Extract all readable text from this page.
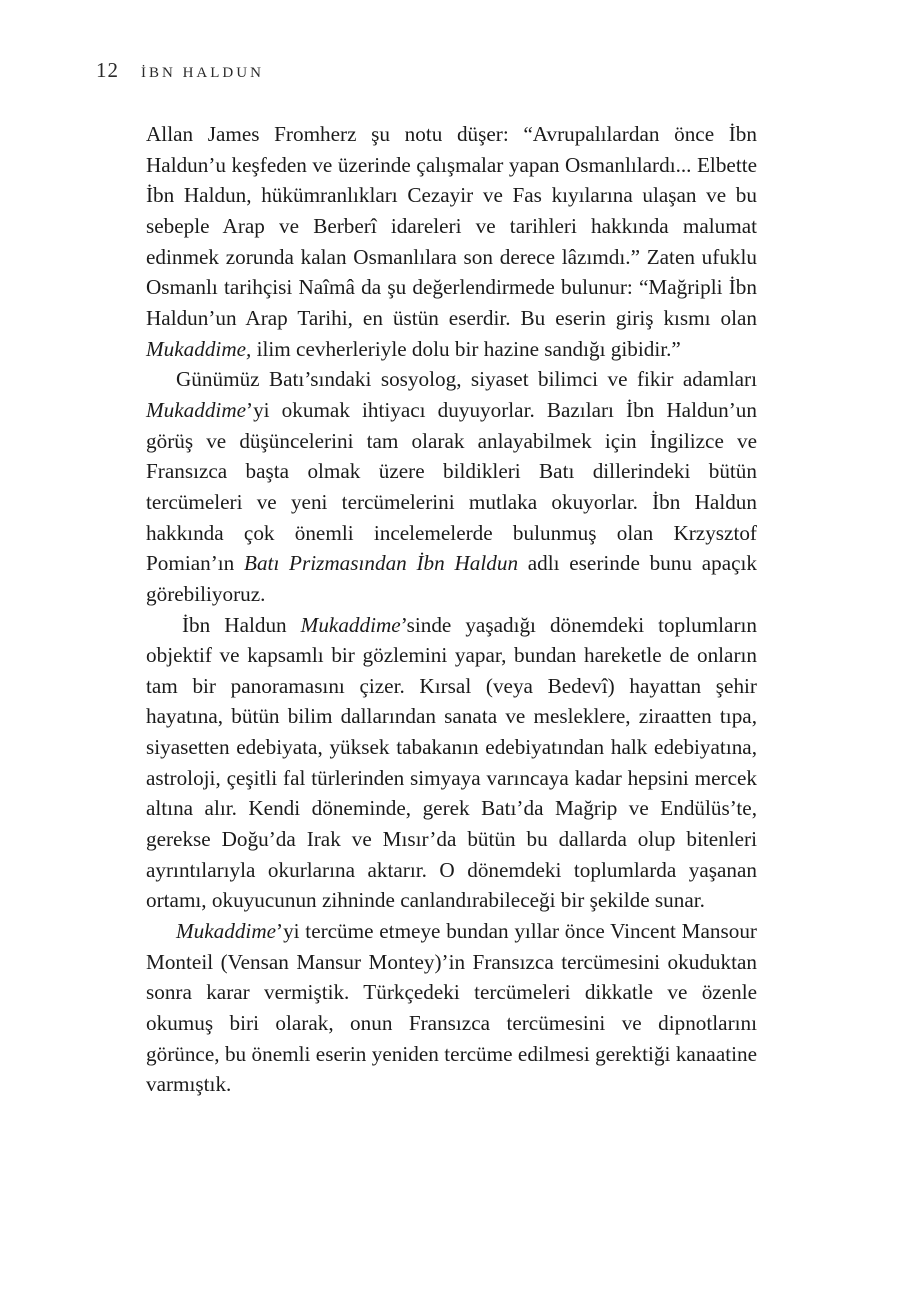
12 İBN HALDUN

Allan James Fromherz şu notu düşer: “Avrupalılardan önce İbn Haldun’u keşfeden ve üzerinde çalışmalar yapan Osmanlılardı... Elbette İbn Haldun, hükümranlıkları Cezayir ve Fas kıyılarına ulaşan ve bu sebeple Arap ve Berberî idareleri ve tarihleri hakkında malumat edinmek zorunda kalan Osmanlılara son derece lâzımdı.” Zaten ufuklu Osmanlı tarihçisi Naîmâ da şu değerlendirmede bulunur: “Mağripli İbn Haldun’un Arap Tarihi, en üstün eserdir. Bu eserin giriş kısmı olan Mukaddime, ilim cevherleriyle dolu bir hazine sandığı gibidir.”

Günümüz Batı’sındaki sosyolog, siyaset bilimci ve fikir adamları Mukaddime’yi okumak ihtiyacı duyuyorlar. Bazıları İbn Haldun’un görüş ve düşüncelerini tam olarak anlayabilmek için İngilizce ve Fransızca başta olmak üzere bildikleri Batı dillerindeki bütün tercümeleri ve yeni tercümelerini mutlaka okuyorlar. İbn Haldun hakkında çok önemli incelemelerde bulunmuş olan Krzysztof Pomian’ın Batı Prizmasından İbn Haldun adlı eserinde bunu apaçık görebiliyoruz.

İbn Haldun Mukaddime’sinde yaşadığı dönemdeki toplumların objektif ve kapsamlı bir gözlemini yapar, bundan hareketle de onların tam bir panoramasını çizer. Kırsal (veya Bedevî) hayattan şehir hayatına, bütün bilim dallarından sanata ve mesleklere, ziraatten tıpa, siyasetten edebiyata, yüksek tabakanın edebiyatından halk edebiyatına, astroloji, çeşitli fal türlerinden simyaya varıncaya kadar hepsini mercek altına alır. Kendi döneminde, gerek Batı’da Mağrip ve Endülüs’te, gerekse Doğu’da Irak ve Mısır’da bütün bu dallarda olup bitenleri ayrıntılarıyla okurlarına aktarır. O dönemdeki toplumlarda yaşanan ortamı, okuyucunun zihninde canlandırabileceği bir şekilde sunar.

Mukaddime’yi tercüme etmeye bundan yıllar önce Vincent Mansour Monteil (Vensan Mansur Montey)’in Fransızca tercümesini okuduktan sonra karar vermiştik. Türkçedeki tercümeleri dikkatle ve özenle okumuş biri olarak, onun Fransızca tercümesini ve dipnotlarını görünce, bu önemli eserin yeniden tercüme edilmesi gerektiği kanaatine varmıştık.
